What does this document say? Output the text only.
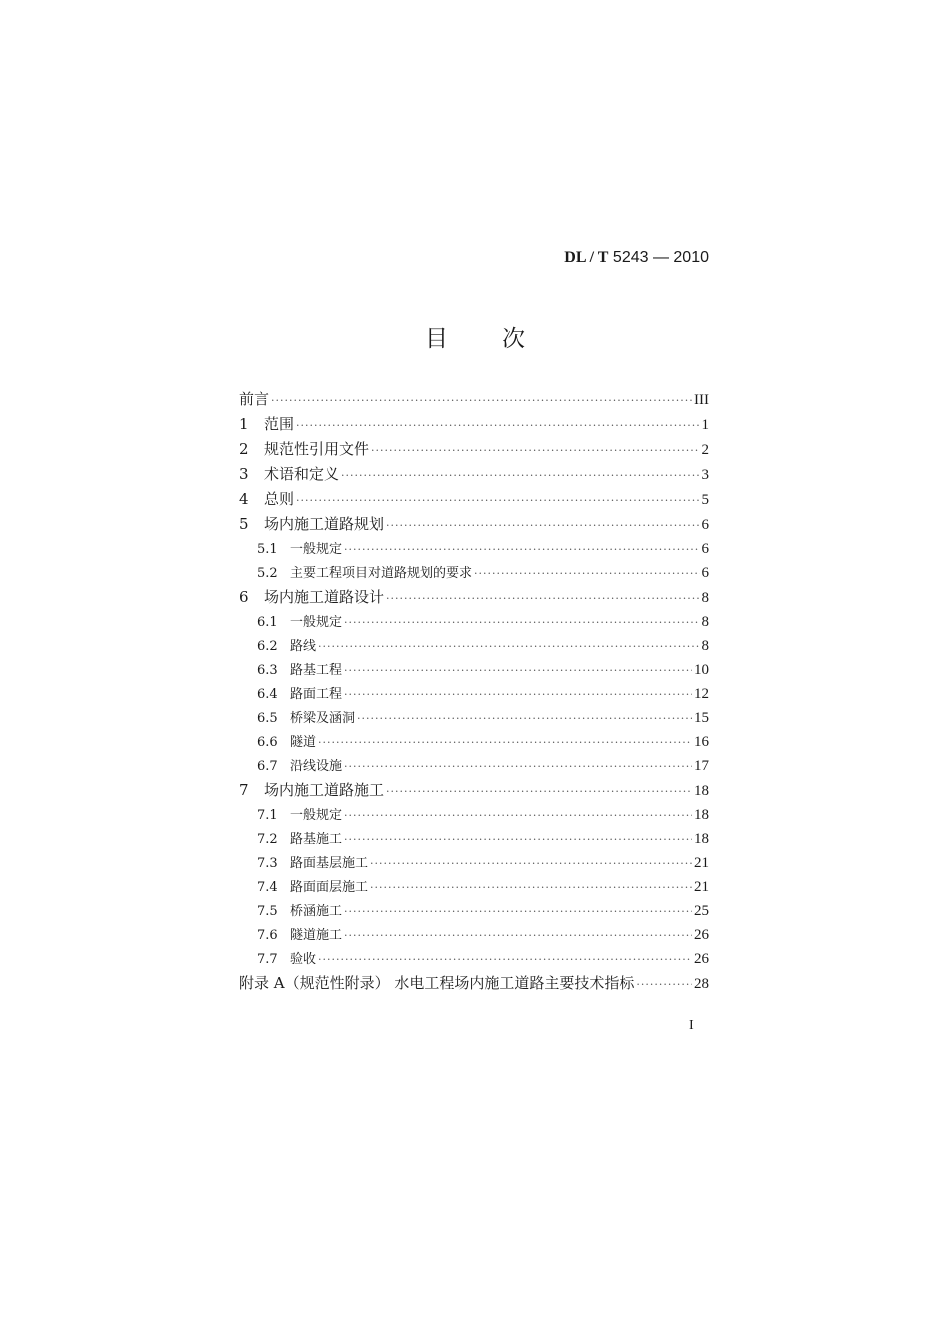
DL / T 5243 — 2010
目 次
前言 ·····	III
1	范围 ·····	1
2	规范性引用文件 ·····	2
3	术语和定义 ·····	3
4	总则 ·····	5
5	场内施工道路规划 ·····	6
5.1 一般规定 ·····	6
5.2 主要工程项目对道路规划的要求 ·····	6
6	场内施工道路设计 ·····	8
6.1 一般规定 ·····	8
6.2 路线 ·····	8
6.3 路基工程 ·····	10
6.4 路面工程 ·····	12
6.5 桥梁及涵洞 ·····	15
6.6 隧道 ·····	16
6.7 沿线设施 ·····	17
7	场内施工道路施工 ·····	18
7.1 一般规定 ·····	18
7.2 路基施工 ·····	18
7.3 路面基层施工 ·····	21
7.4 路面面层施工 ·····	21
7.5 桥涵施工 ·····	25
7.6 隧道施工 ·····	26
7.7 验收 ·····	26
附录 A（规范性附录） 水电工程场内施工道路主要技术指标 ·····	28
I
